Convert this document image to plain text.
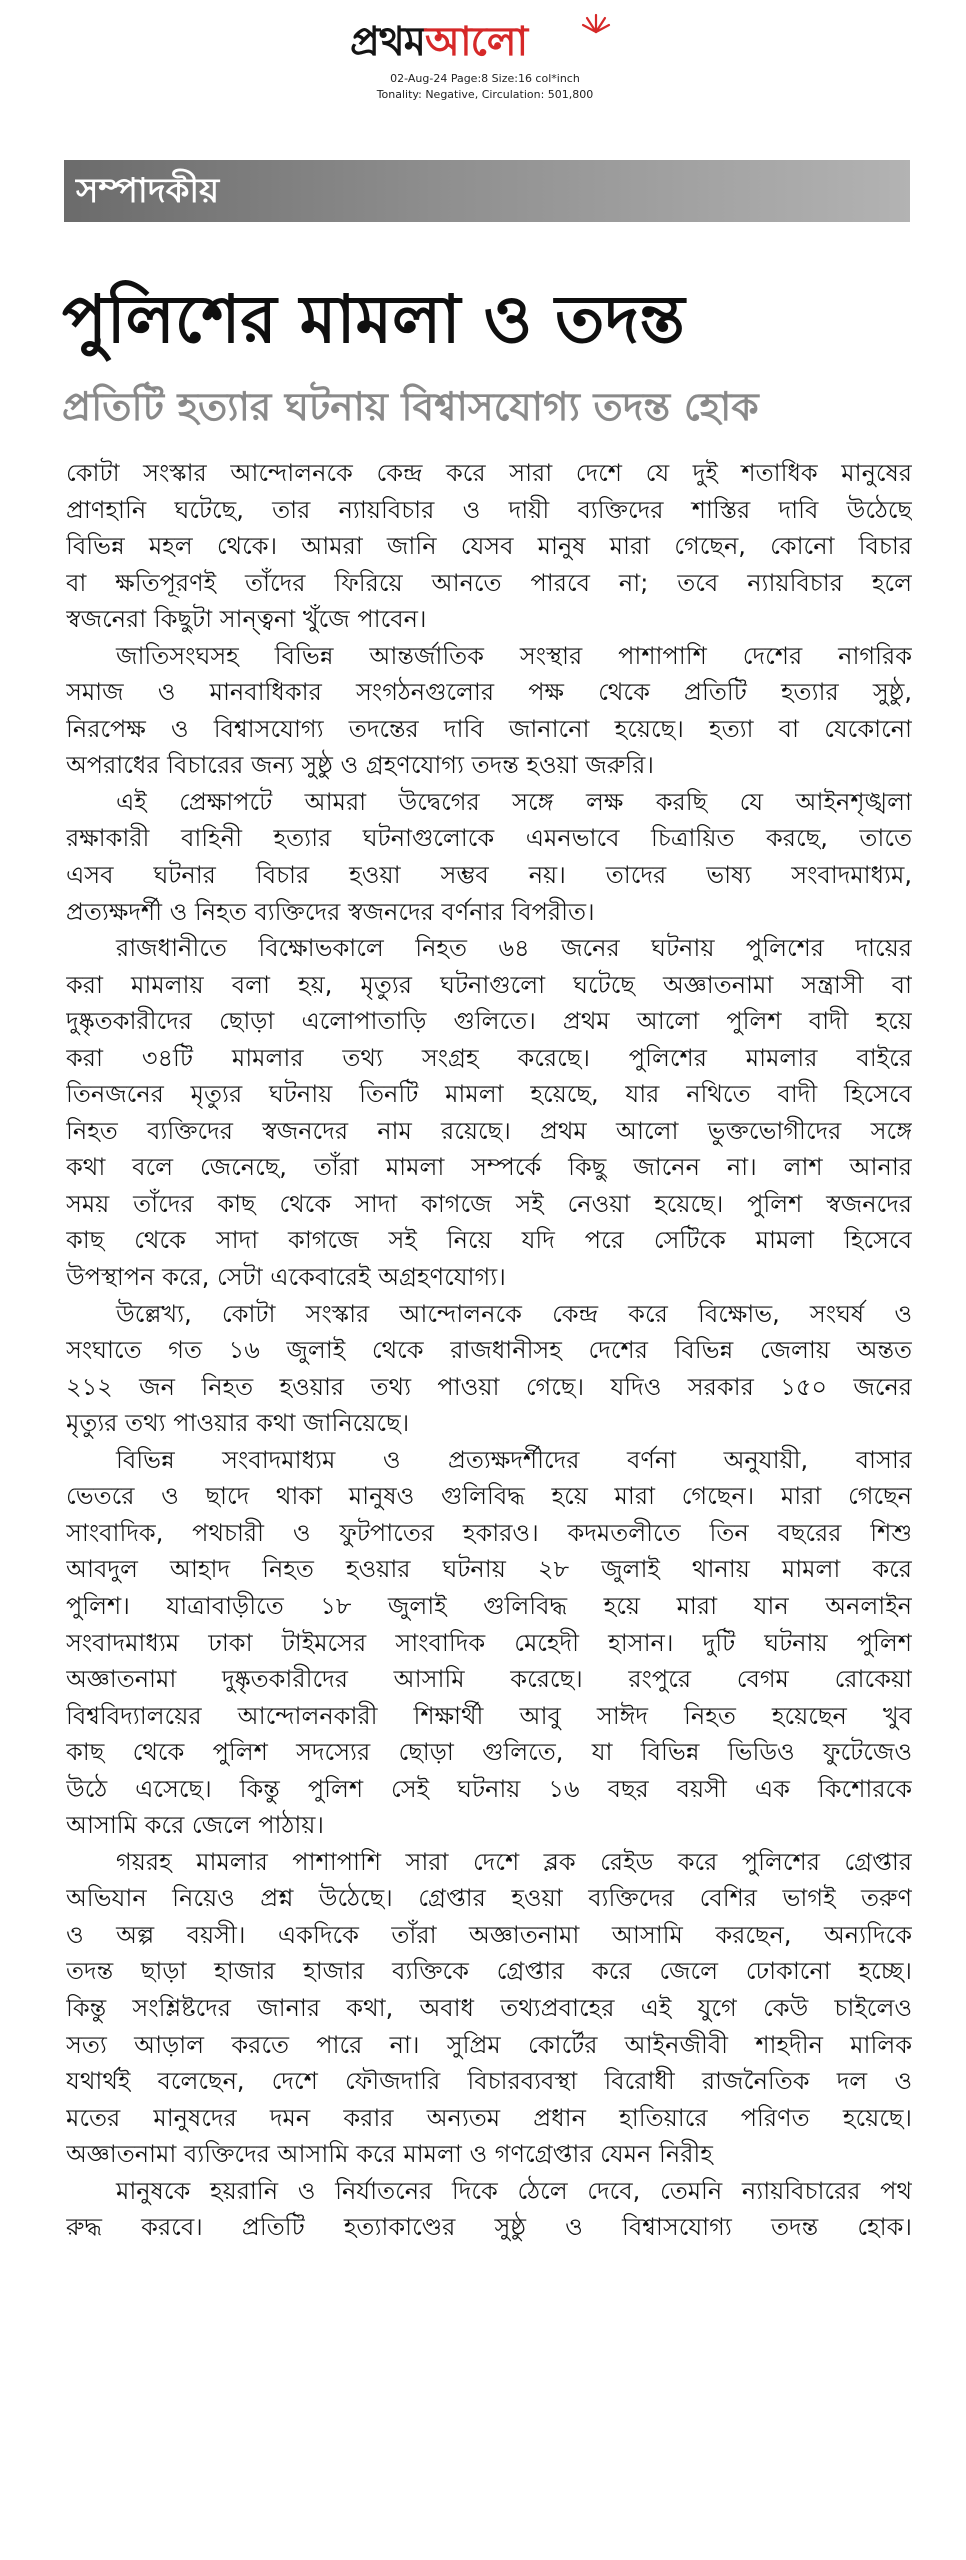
প্রথমআলো
02-Aug-24 Page:8 Size:16 col*inch
Tonality: Negative, Circulation: 501,800
সম্পাদকীয়
পুলিশের মামলা ও তদন্ত
প্রতিটি হত্যার ঘটনায় বিশ্বাসযোগ্য তদন্ত হোক
কোটা সংস্কার আন্দোলনকে কেন্দ্র করে সারা দেশে যে দুই শতাধিক মানুষের
প্রাণহানি ঘটেছে, তার ন্যায়বিচার ও দায়ী ব্যক্তিদের শাস্তির দাবি উঠেছে
বিভিন্ন মহল থেকে। আমরা জানি যেসব মানুষ মারা গেছেন, কোনো বিচার
বা ক্ষতিপূরণই তাঁদের ফিরিয়ে আনতে পারবে না; তবে ন্যায়বিচার হলে
স্বজনেরা কিছুটা সান্ত্বনা খুঁজে পাবেন।
জাতিসংঘসহ বিভিন্ন আন্তর্জাতিক সংস্থার পাশাপাশি দেশের নাগরিক
সমাজ ও মানবাধিকার সংগঠনগুলোর পক্ষ থেকে প্রতিটি হত্যার সুষ্ঠু,
নিরপেক্ষ ও বিশ্বাসযোগ্য তদন্তের দাবি জানানো হয়েছে। হত্যা বা যেকোনো
অপরাধের বিচারের জন্য সুষ্ঠু ও গ্রহণযোগ্য তদন্ত হওয়া জরুরি।
এই প্রেক্ষাপটে আমরা উদ্বেগের সঙ্গে লক্ষ করছি যে আইনশৃঙ্খলা
রক্ষাকারী বাহিনী হত্যার ঘটনাগুলোকে এমনভাবে চিত্রায়িত করছে, তাতে
এসব ঘটনার বিচার হওয়া সম্ভব নয়। তাদের ভাষ্য সংবাদমাধ্যম,
প্রত্যক্ষদর্শী ও নিহত ব্যক্তিদের স্বজনদের বর্ণনার বিপরীত।
রাজধানীতে বিক্ষোভকালে নিহত ৬৪ জনের ঘটনায় পুলিশের দায়ের
করা মামলায় বলা হয়, মৃত্যুর ঘটনাগুলো ঘটেছে অজ্ঞাতনামা সন্ত্রাসী বা
দুষ্কৃতকারীদের ছোড়া এলোপাতাড়ি গুলিতে। প্রথম আলো পুলিশ বাদী হয়ে
করা ৩৪টি মামলার তথ্য সংগ্রহ করেছে। পুলিশের মামলার বাইরে
তিনজনের মৃত্যুর ঘটনায় তিনটি মামলা হয়েছে, যার নথিতে বাদী হিসেবে
নিহত ব্যক্তিদের স্বজনদের নাম রয়েছে। প্রথম আলো ভুক্তভোগীদের সঙ্গে
কথা বলে জেনেছে, তাঁরা মামলা সম্পর্কে কিছু জানেন না। লাশ আনার
সময় তাঁদের কাছ থেকে সাদা কাগজে সই নেওয়া হয়েছে। পুলিশ স্বজনদের
কাছ থেকে সাদা কাগজে সই নিয়ে যদি পরে সেটিকে মামলা হিসেবে
উপস্থাপন করে, সেটা একেবারেই অগ্রহণযোগ্য।
উল্লেখ্য, কোটা সংস্কার আন্দোলনকে কেন্দ্র করে বিক্ষোভ, সংঘর্ষ ও
সংঘাতে গত ১৬ জুলাই থেকে রাজধানীসহ দেশের বিভিন্ন জেলায় অন্তত
২১২ জন নিহত হওয়ার তথ্য পাওয়া গেছে। যদিও সরকার ১৫০ জনের
মৃত্যুর তথ্য পাওয়ার কথা জানিয়েছে।
বিভিন্ন সংবাদমাধ্যম ও প্রত্যক্ষদর্শীদের বর্ণনা অনুযায়ী, বাসার
ভেতরে ও ছাদে থাকা মানুষও গুলিবিদ্ধ হয়ে মারা গেছেন। মারা গেছেন
সাংবাদিক, পথচারী ও ফুটপাতের হকারও। কদমতলীতে তিন বছরের শিশু
আবদুল আহাদ নিহত হওয়ার ঘটনায় ২৮ জুলাই থানায় মামলা করে
পুলিশ। যাত্রাবাড়ীতে ১৮ জুলাই গুলিবিদ্ধ হয়ে মারা যান অনলাইন
সংবাদমাধ্যম ঢাকা টাইমসের সাংবাদিক মেহেদী হাসান। দুটি ঘটনায় পুলিশ
অজ্ঞাতনামা দুষ্কৃতকারীদের আসামি করেছে। রংপুরে বেগম রোকেয়া
বিশ্ববিদ্যালয়ের আন্দোলনকারী শিক্ষার্থী আবু সাঈদ নিহত হয়েছেন খুব
কাছ থেকে পুলিশ সদস্যের ছোড়া গুলিতে, যা বিভিন্ন ভিডিও ফুটেজেও
উঠে এসেছে। কিন্তু পুলিশ সেই ঘটনায় ১৬ বছর বয়সী এক কিশোরকে
আসামি করে জেলে পাঠায়।
গয়রহ মামলার পাশাপাশি সারা দেশে ব্লক রেইড করে পুলিশের গ্রেপ্তার
অভিযান নিয়েও প্রশ্ন উঠেছে। গ্রেপ্তার হওয়া ব্যক্তিদের বেশির ভাগই তরুণ
ও অল্প বয়সী। একদিকে তাঁরা অজ্ঞাতনামা আসামি করছেন, অন্যদিকে
তদন্ত ছাড়া হাজার হাজার ব্যক্তিকে গ্রেপ্তার করে জেলে ঢোকানো হচ্ছে।
কিন্তু সংশ্লিষ্টদের জানার কথা, অবাধ তথ্যপ্রবাহের এই যুগে কেউ চাইলেও
সত্য আড়াল করতে পারে না। সুপ্রিম কোর্টের আইনজীবী শাহদীন মালিক
যথার্থই বলেছেন, দেশে ফৌজদারি বিচারব্যবস্থা বিরোধী রাজনৈতিক দল ও
মতের মানুষদের দমন করার অন্যতম প্রধান হাতিয়ারে পরিণত হয়েছে।
অজ্ঞাতনামা ব্যক্তিদের আসামি করে মামলা ও গণগ্রেপ্তার যেমন নিরীহ
মানুষকে হয়রানি ও নির্যাতনের দিকে ঠেলে দেবে, তেমনি ন্যায়বিচারের পথ
রুদ্ধ করবে। প্রতিটি হত্যাকাণ্ডের সুষ্ঠু ও বিশ্বাসযোগ্য তদন্ত হোক।
